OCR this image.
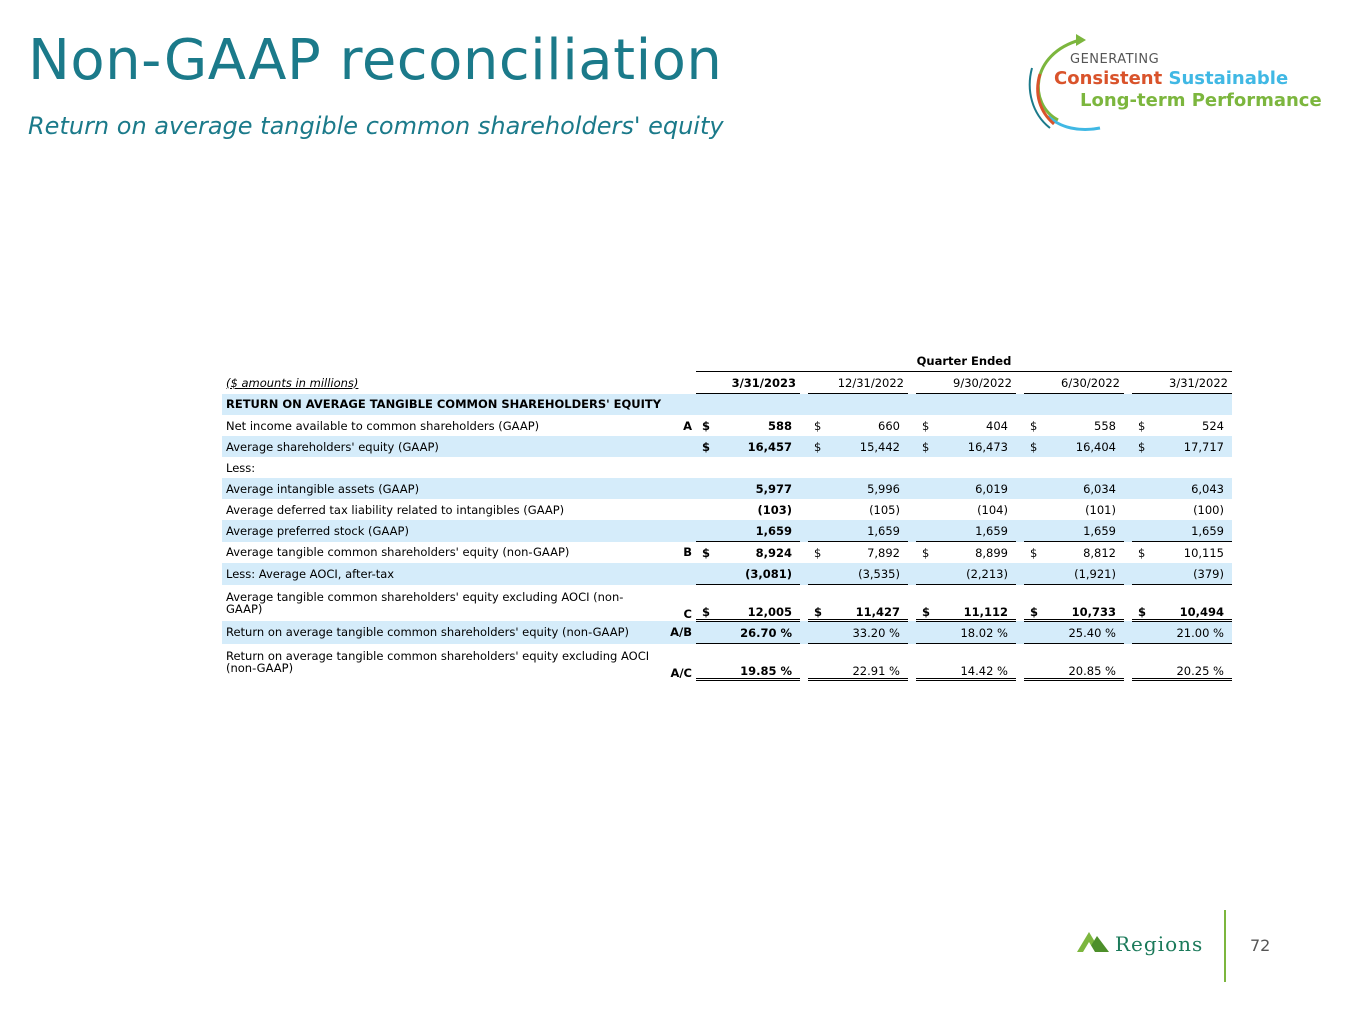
Non-GAAP reconciliation
Return on average tangible common shareholders' equity
GENERATING
Consistent Sustainable
Long-term Performance
		Quarter Ended													
($ amounts in millions)		3/31/2023			12/31/2022			9/30/2022			6/30/2022			3/31/2022	
RETURN ON AVERAGE TANGIBLE COMMON SHAREHOLDERS' EQUITY															
Net income available to common shareholders (GAAP)	A	$	588		$	660		$	404		$	558		$	524
Average shareholders' equity (GAAP)		$	16,457		$	15,442		$	16,473		$	16,404		$	17,717
Less:															
Average intangible assets (GAAP)			5,977			5,996			6,019			6,034			6,043
Average deferred tax liability related to intangibles (GAAP)			(103)			(105)			(104)			(101)			(100)
Average preferred stock (GAAP)			1,659			1,659			1,659			1,659			1,659
Average tangible common shareholders' equity (non-GAAP)	B	$	8,924		$	7,892		$	8,899		$	8,812		$	10,115
Less: Average AOCI, after-tax			(3,081)			(3,535)			(2,213)			(1,921)			(379)
Average tangible common shareholders' equity excluding AOCI (non-GAAP)	C	$	12,005		$	11,427		$	11,112		$	10,733		$	10,494
Return on average tangible common shareholders' equity (non-GAAP)	A/B		26.70 %			33.20 %			18.02 %			25.40 %			21.00 %
Return on average tangible common shareholders' equity excluding AOCI (non-GAAP)	A/C		19.85 %			22.91 %			14.42 %			20.85 %			20.25 %
Regions	72
